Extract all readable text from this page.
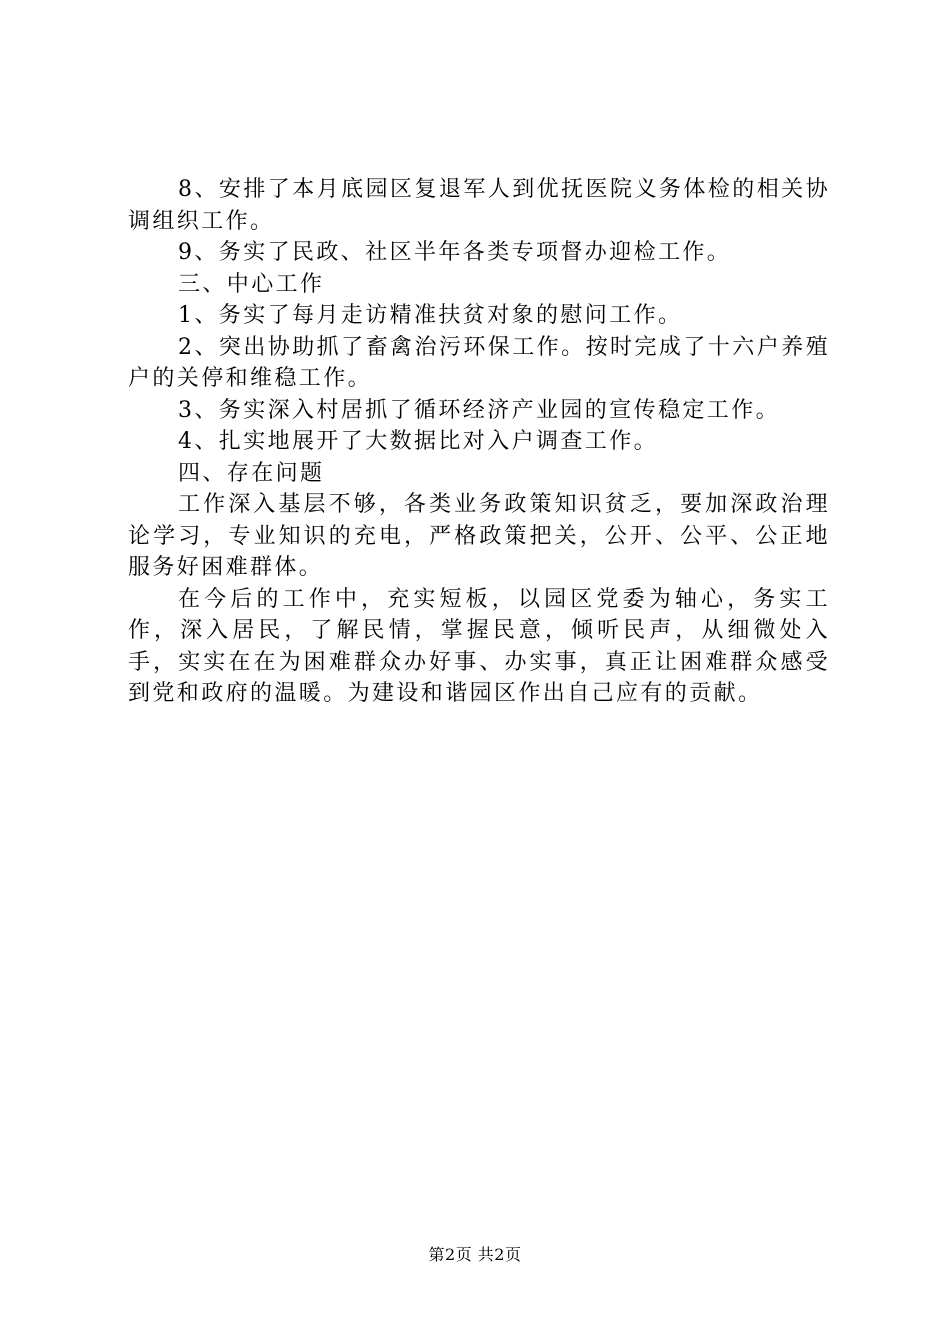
8、安排了本月底园区复退军人到优抚医院义务体检的相关协调组织工作。

9、务实了民政、社区半年各类专项督办迎检工作。

三、中心工作

1、务实了每月走访精准扶贫对象的慰问工作。

2、突出协助抓了畜禽治污环保工作。按时完成了十六户养殖户的关停和维稳工作。

3、务实深入村居抓了循环经济产业园的宣传稳定工作。

4、扎实地展开了大数据比对入户调查工作。

四、存在问题

工作深入基层不够，各类业务政策知识贫乏，要加深政治理论学习，专业知识的充电，严格政策把关，公开、公平、公正地服务好困难群体。

在今后的工作中，充实短板，以园区党委为轴心，务实工作，深入居民，了解民情，掌握民意，倾听民声，从细微处入手，实实在在为困难群众办好事、办实事，真正让困难群众感受到党和政府的温暖。为建设和谐园区作出自己应有的贡献。

第2页 共2页
